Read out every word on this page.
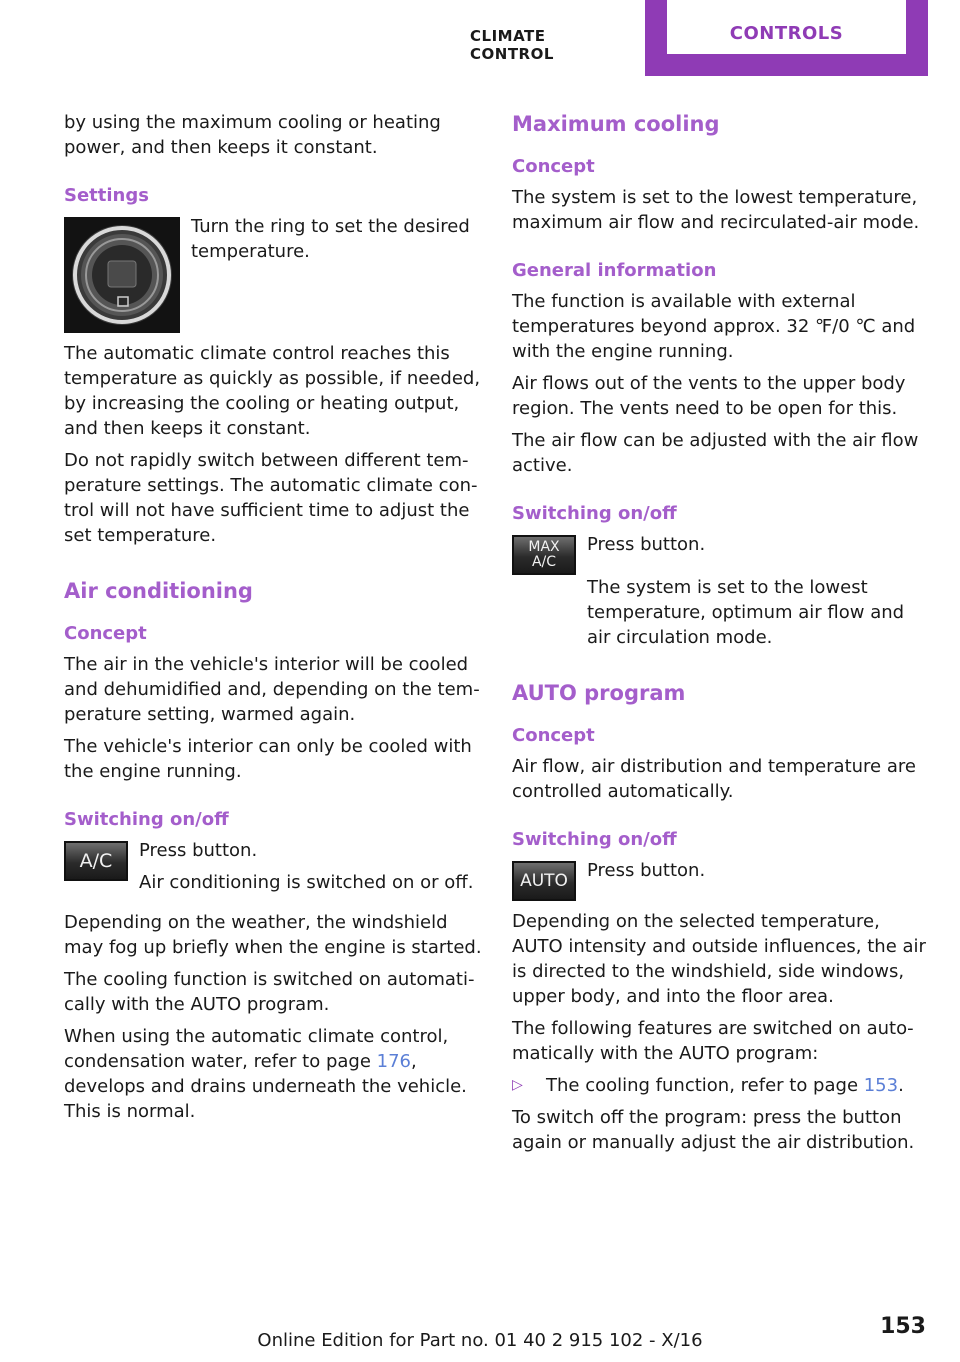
CLIMATE CONTROL
CONTROLS

by using the maximum cooling or heating power, and then keeps it constant.

Settings

Turn the ring to set the desired temperature.

The automatic climate control reaches this temperature as quickly as possible, if needed, by increasing the cooling or heating output, and then keeps it constant.

Do not rapidly switch between different temperature settings. The automatic climate control will not have sufficient time to adjust the set temperature.

Air conditioning
Concept

The air in the vehicle's interior will be cooled and dehumidified and, depending on the temperature setting, warmed again.

The vehicle's interior can only be cooled with the engine running.

Switching on/off
A/C	Press button.

Air conditioning is switched on or off.

Depending on the weather, the windshield may fog up briefly when the engine is started.

The cooling function is switched on automatically with the AUTO program.

When using the automatic climate control, condensation water, refer to page 176, develops and drains underneath the vehicle. This is normal.

Maximum cooling
Concept

The system is set to the lowest temperature, maximum air flow and recirculated-air mode.

General information

The function is available with external temperatures beyond approx. 32 ℉/0 ℃ and with the engine running.

Air flows out of the vents to the upper body region. The vents need to be open for this.

The air flow can be adjusted with the air flow active.

Switching on/off
MAX
A/C

Press button.

The system is set to the lowest temperature, optimum air flow and air circulation mode.

AUTO program
Concept

Air flow, air distribution and temperature are controlled automatically.

Switching on/off
AUTO	Press button.

Depending on the selected temperature, AUTO intensity and outside influences, the air is directed to the windshield, side windows, upper body, and into the floor area.

The following features are switched on automatically with the AUTO program:

▷	The cooling function, refer to page 153.

To switch off the program: press the button again or manually adjust the air distribution.

153
Online Edition for Part no. 01 40 2 915 102 - X/16
